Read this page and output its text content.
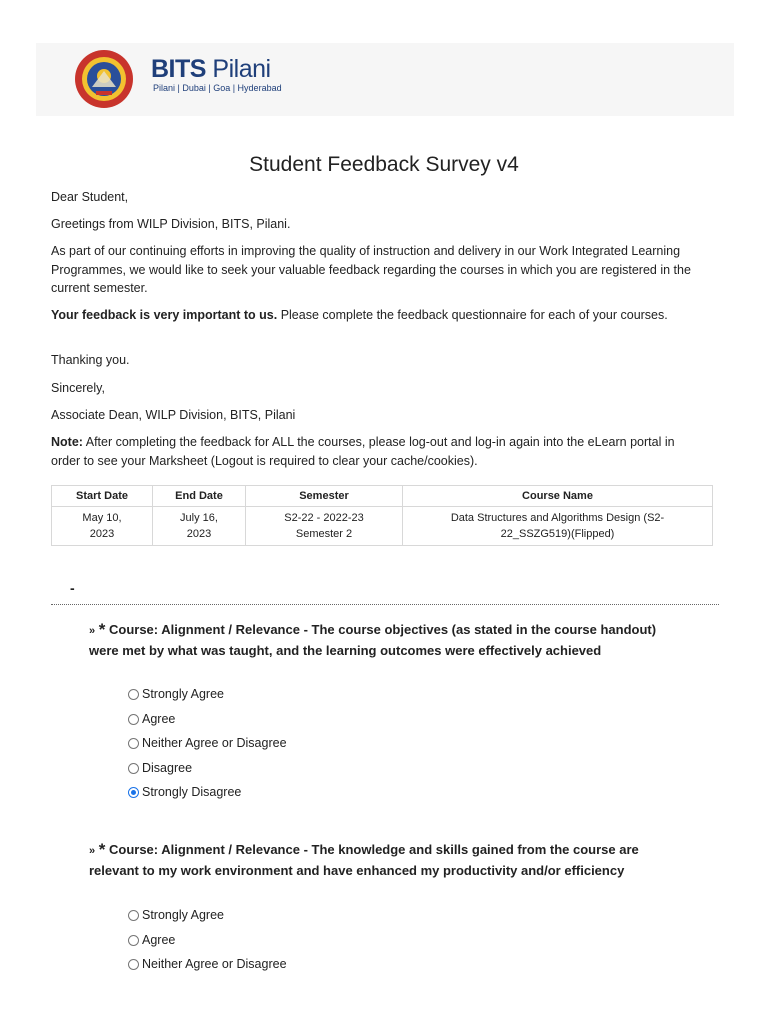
BITS Pilani
Pilani | Dubai | Goa | Hyderabad
Student Feedback Survey v4

Dear Student,

Greetings from WILP Division, BITS, Pilani.

As part of our continuing efforts in improving the quality of instruction and delivery in our Work Integrated Learning Programmes, we would like to seek your valuable feedback regarding the courses in which you are registered in the current semester.

Your feedback is very important to us. Please complete the feedback questionnaire for each of your courses.

Thanking you.

Sincerely,

Associate Dean, WILP Division, BITS, Pilani

Note: After completing the feedback for ALL the courses, please log-out and log-in again into the eLearn portal in order to see your Marksheet (Logout is required to clear your cache/cookies).

Start Date	End Date	Semester	Course Name
May 10, 2023	July 16, 2023	S2-22 - 2022-23 Semester 2	Data Structures and Algorithms Design (S2-22_SSZG519)(Flipped)
-

» * Course: Alignment / Relevance - The course objectives (as stated in the course handout) were met by what was taught, and the learning outcomes were effectively achieved

Strongly Agree
Agree
Neither Agree or Disagree
Disagree
Strongly Disagree

» * Course: Alignment / Relevance - The knowledge and skills gained from the course are relevant to my work environment and have enhanced my productivity and/or efficiency

Strongly Agree
Agree
Neither Agree or Disagree
